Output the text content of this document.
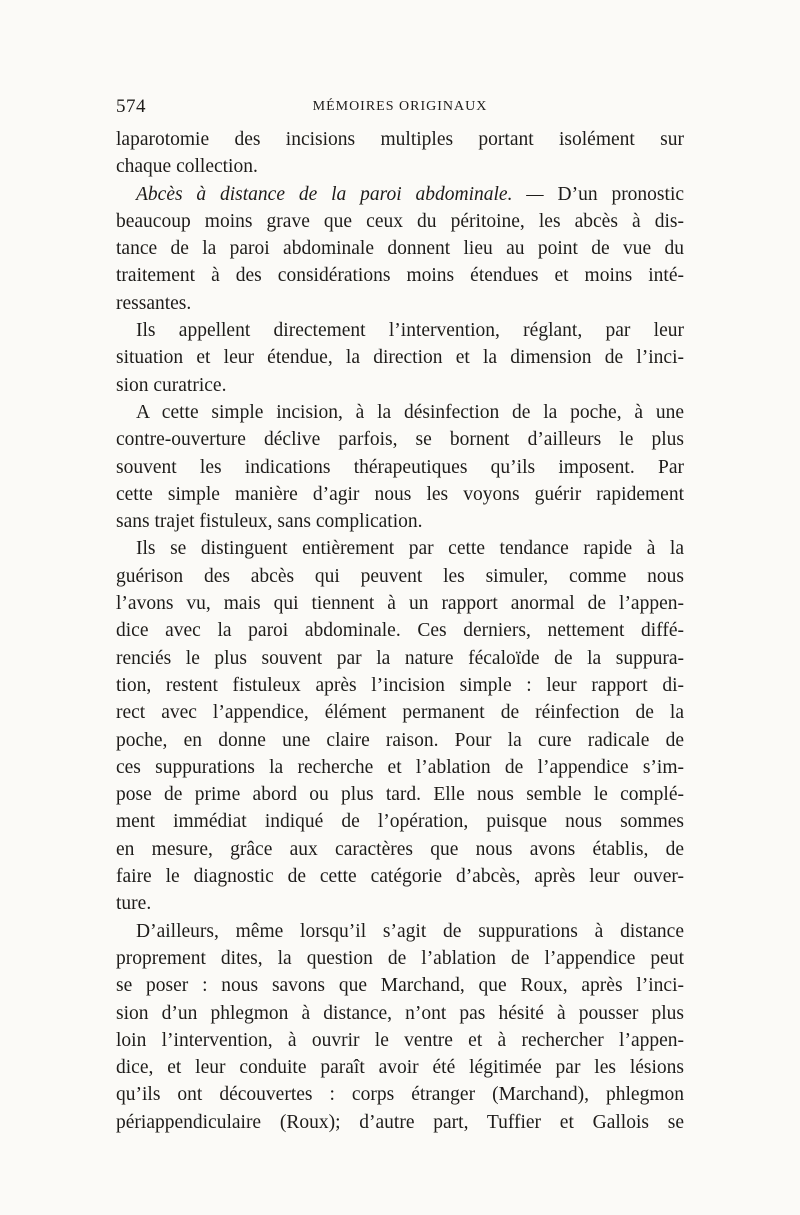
574	MÉMOIRES ORIGINAUX
laparotomie des incisions multiples portant isolément sur
chaque collection.
Abcès à distance de la paroi abdominale. — D’un pronostic
beaucoup moins grave que ceux du péritoine, les abcès à dis-
tance de la paroi abdominale donnent lieu au point de vue du
traitement à des considérations moins étendues et moins inté-
ressantes.
Ils appellent directement l’intervention, réglant, par leur
situation et leur étendue, la direction et la dimension de l’inci-
sion curatrice.
A cette simple incision, à la désinfection de la poche, à une
contre-ouverture déclive parfois, se bornent d’ailleurs le plus
souvent les indications thérapeutiques qu’ils imposent. Par
cette simple manière d’agir nous les voyons guérir rapidement
sans trajet fistuleux, sans complication.
Ils se distinguent entièrement par cette tendance rapide à la
guérison des abcès qui peuvent les simuler, comme nous
l’avons vu, mais qui tiennent à un rapport anormal de l’appen-
dice avec la paroi abdominale. Ces derniers, nettement diffé-
renciés le plus souvent par la nature fécaloïde de la suppura-
tion, restent fistuleux après l’incision simple : leur rapport di-
rect avec l’appendice, élément permanent de réinfection de la
poche, en donne une claire raison. Pour la cure radicale de
ces suppurations la recherche et l’ablation de l’appendice s’im-
pose de prime abord ou plus tard. Elle nous semble le complé-
ment immédiat indiqué de l’opération, puisque nous sommes
en mesure, grâce aux caractères que nous avons établis, de
faire le diagnostic de cette catégorie d’abcès, après leur ouver-
ture.
D’ailleurs, même lorsqu’il s’agit de suppurations à distance
proprement dites, la question de l’ablation de l’appendice peut
se poser : nous savons que Marchand, que Roux, après l’inci-
sion d’un phlegmon à distance, n’ont pas hésité à pousser plus
loin l’intervention, à ouvrir le ventre et à rechercher l’appen-
dice, et leur conduite paraît avoir été légitimée par les lésions
qu’ils ont découvertes : corps étranger (Marchand), phlegmon
périappendiculaire (Roux); d’autre part, Tuffier et Gallois se
